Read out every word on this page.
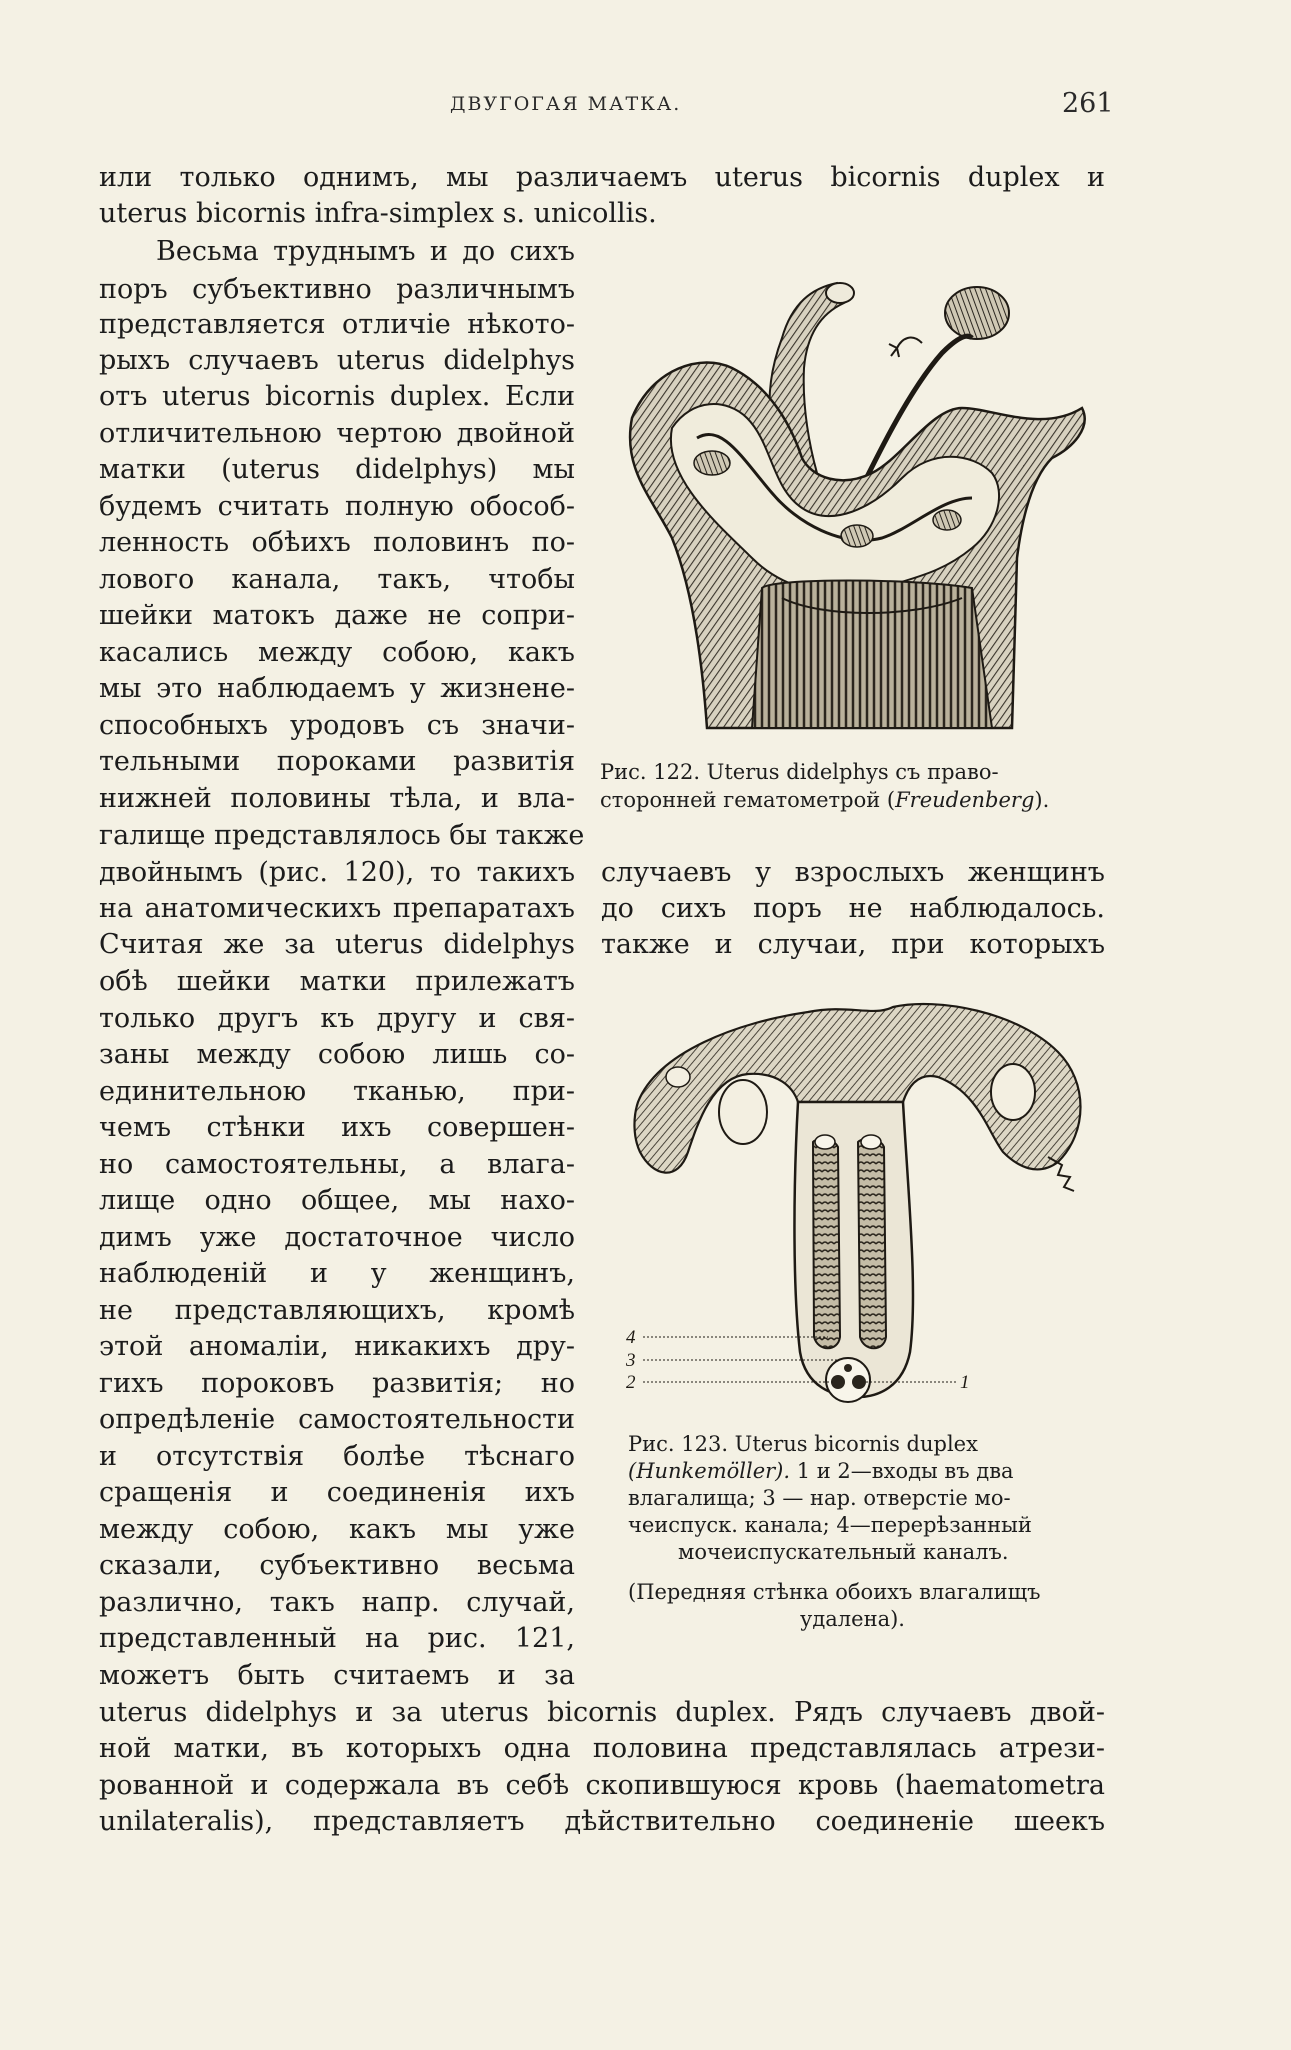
ДВУГОГАЯ МАТКА.	261
или только однимъ, мы различаемъ uterus bicornis duplex и
uterus bicornis infra-simplex s. unicollis.
Весьма труднымъ и до сихъ
поръ субъективно различнымъ
представляется отличіе нѣкото-
рыхъ случаевъ uterus didelphys
отъ uterus bicornis duplex. Если
отличительною чертою двойной
матки (uterus didelphys) мы
будемъ считать полную обособ-
ленность обѣихъ половинъ по-
лового канала, такъ, чтобы
шейки матокъ даже не сопри-
касались между собою, какъ
мы это наблюдаемъ у жизнене-
способныхъ уродовъ съ значи-
тельными пороками развитія
нижней половины тѣла, и вла-
галище представлялось бы также
Рис. 122. Uterus didelphys съ право-
сторонней гематометрой (Freudenberg).
двойнымъ (рис. 120), то такихъ случаевъ у взрослыхъ женщинъ
на анатомическихъ препаратахъ до сихъ поръ не наблюдалось.
Считая же за uterus didelphys также и случаи, при которыхъ
обѣ шейки матки прилежатъ
только другъ къ другу и свя-
заны между собою лишь со-
единительною тканью, при-
чемъ стѣнки ихъ совершен-
но самостоятельны, а влага-
лище одно общее, мы нахо-
димъ уже достаточное число
наблюденій и у женщинъ,
не представляющихъ, кромѣ
этой аномаліи, никакихъ дру-
гихъ пороковъ развитія; но
опредѣленіе самостоятельности
и отсутствія болѣе тѣснаго
сращенія и соединенія ихъ
между собою, какъ мы уже
сказали, субъективно весьма
различно, такъ напр. случай,
представленный на рис. 121,
можетъ быть считаемъ и за
4
3
2	1
Рис. 123. Uterus bicornis duplex
(Hunkemöller). 1 и 2—входы въ два
влагалища; 3 — нар. отверстіе мо-
чеиспуск. канала; 4—перерѣзанный
мочеиспускательный каналъ.
(Передняя стѣнка обоихъ влагалищъ
удалена).
uterus didelphys и за uterus bicornis duplex. Рядъ случаевъ двой-
ной матки, въ которыхъ одна половина представлялась атрези-
рованной и содержала въ себѣ скопившуюся кровь (haematometra
unilateralis), представляетъ дѣйствительно соединеніе шеекъ
